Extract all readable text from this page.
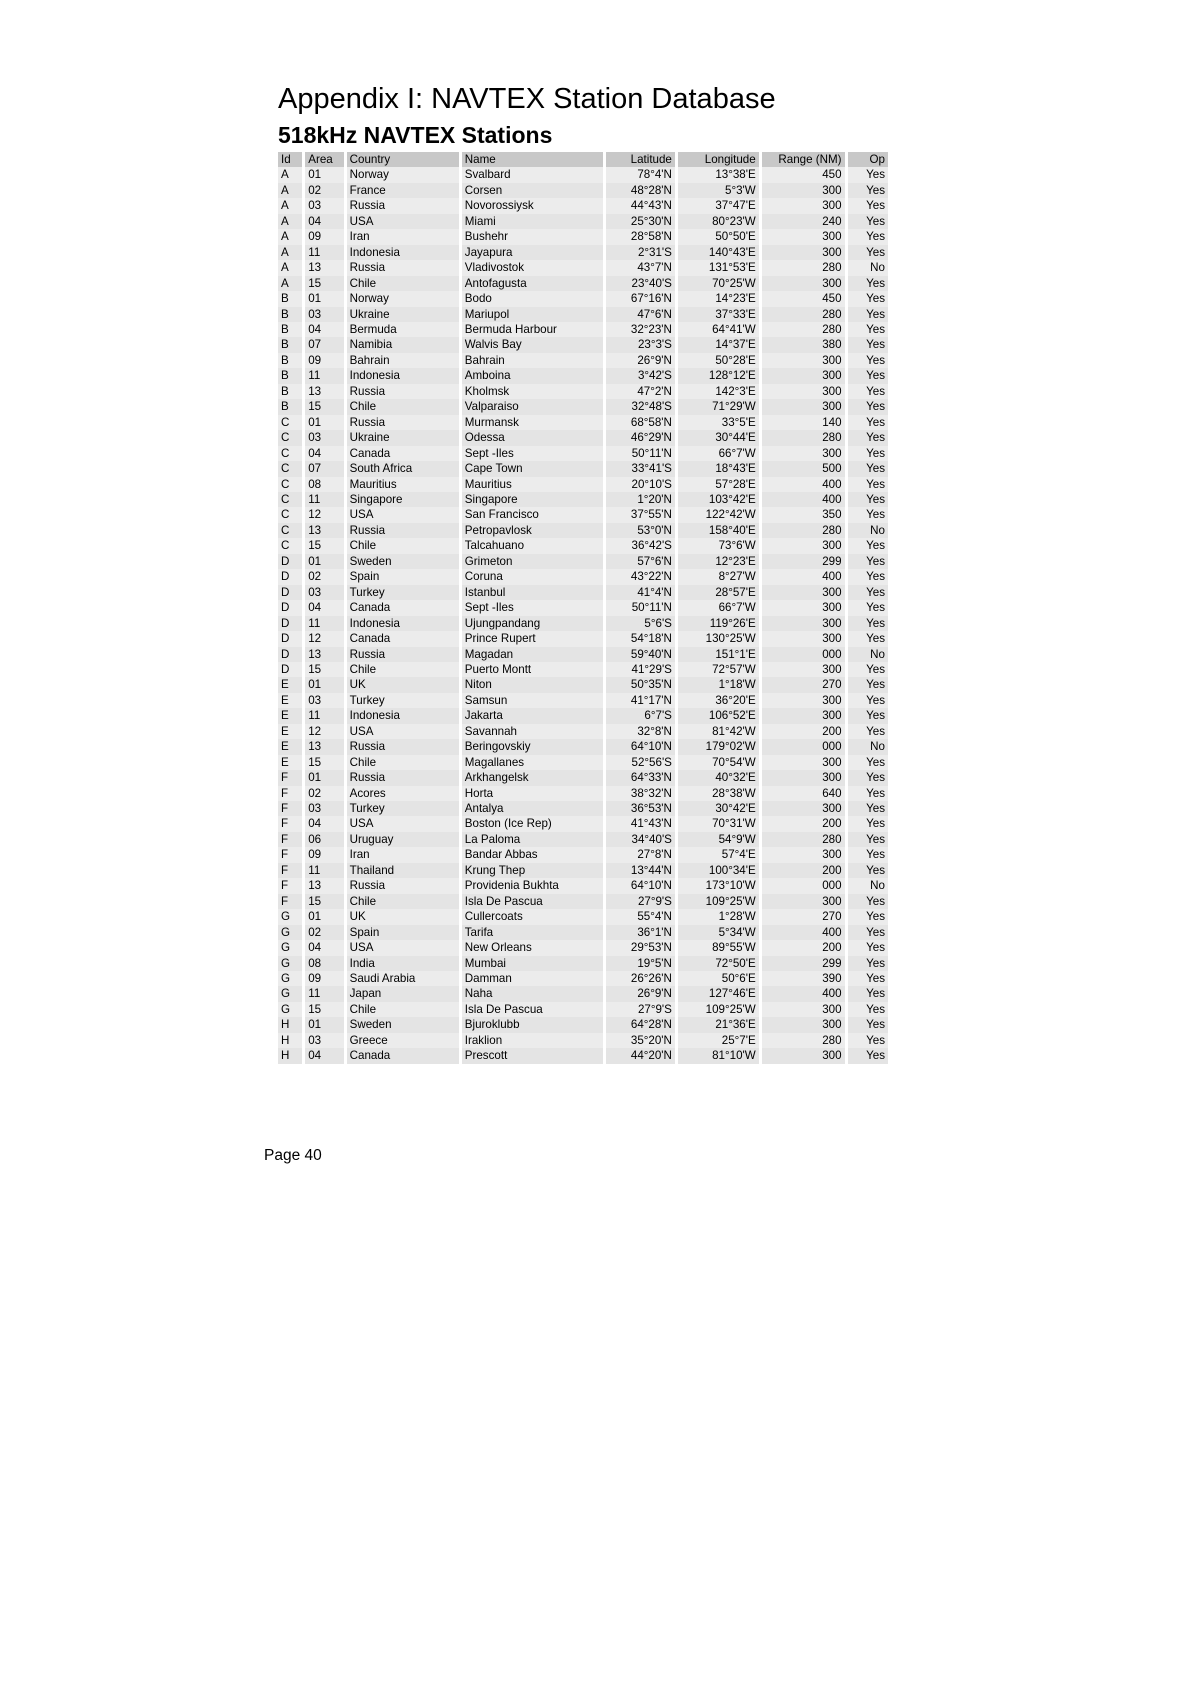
Appendix I: NAVTEX Station Database
518kHz NAVTEX Stations
Id	Area	Country	Name	Latitude	Longitude	Range (NM)	Op
A	01	Norway	Svalbard	78°4'N	13°38'E	450	Yes
A	02	France	Corsen	48°28'N	5°3'W	300	Yes
A	03	Russia	Novorossiysk	44°43'N	37°47'E	300	Yes
A	04	USA	Miami	25°30'N	80°23'W	240	Yes
A	09	Iran	Bushehr	28°58'N	50°50'E	300	Yes
A	11	Indonesia	Jayapura	2°31'S	140°43'E	300	Yes
A	13	Russia	Vladivostok	43°7'N	131°53'E	280	No
A	15	Chile	Antofagusta	23°40'S	70°25'W	300	Yes
B	01	Norway	Bodo	67°16'N	14°23'E	450	Yes
B	03	Ukraine	Mariupol	47°6'N	37°33'E	280	Yes
B	04	Bermuda	Bermuda Harbour	32°23'N	64°41'W	280	Yes
B	07	Namibia	Walvis Bay	23°3'S	14°37'E	380	Yes
B	09	Bahrain	Bahrain	26°9'N	50°28'E	300	Yes
B	11	Indonesia	Amboina	3°42'S	128°12'E	300	Yes
B	13	Russia	Kholmsk	47°2'N	142°3'E	300	Yes
B	15	Chile	Valparaiso	32°48'S	71°29'W	300	Yes
C	01	Russia	Murmansk	68°58'N	33°5'E	140	Yes
C	03	Ukraine	Odessa	46°29'N	30°44'E	280	Yes
C	04	Canada	Sept -Iles	50°11'N	66°7'W	300	Yes
C	07	South Africa	Cape Town	33°41'S	18°43'E	500	Yes
C	08	Mauritius	Mauritius	20°10'S	57°28'E	400	Yes
C	11	Singapore	Singapore	1°20'N	103°42'E	400	Yes
C	12	USA	San Francisco	37°55'N	122°42'W	350	Yes
C	13	Russia	Petropavlosk	53°0'N	158°40'E	280	No
C	15	Chile	Talcahuano	36°42'S	73°6'W	300	Yes
D	01	Sweden	Grimeton	57°6'N	12°23'E	299	Yes
D	02	Spain	Coruna	43°22'N	8°27'W	400	Yes
D	03	Turkey	Istanbul	41°4'N	28°57'E	300	Yes
D	04	Canada	Sept -Iles	50°11'N	66°7'W	300	Yes
D	11	Indonesia	Ujungpandang	5°6'S	119°26'E	300	Yes
D	12	Canada	Prince Rupert	54°18'N	130°25'W	300	Yes
D	13	Russia	Magadan	59°40'N	151°1'E	000	No
D	15	Chile	Puerto Montt	41°29'S	72°57'W	300	Yes
E	01	UK	Niton	50°35'N	1°18'W	270	Yes
E	03	Turkey	Samsun	41°17'N	36°20'E	300	Yes
E	11	Indonesia	Jakarta	6°7'S	106°52'E	300	Yes
E	12	USA	Savannah	32°8'N	81°42'W	200	Yes
E	13	Russia	Beringovskiy	64°10'N	179°02'W	000	No
E	15	Chile	Magallanes	52°56'S	70°54'W	300	Yes
F	01	Russia	Arkhangelsk	64°33'N	40°32'E	300	Yes
F	02	Acores	Horta	38°32'N	28°38'W	640	Yes
F	03	Turkey	Antalya	36°53'N	30°42'E	300	Yes
F	04	USA	Boston (Ice Rep)	41°43'N	70°31'W	200	Yes
F	06	Uruguay	La Paloma	34°40'S	54°9'W	280	Yes
F	09	Iran	Bandar Abbas	27°8'N	57°4'E	300	Yes
F	11	Thailand	Krung Thep	13°44'N	100°34'E	200	Yes
F	13	Russia	Providenia Bukhta	64°10'N	173°10'W	000	No
F	15	Chile	Isla De Pascua	27°9'S	109°25'W	300	Yes
G	01	UK	Cullercoats	55°4'N	1°28'W	270	Yes
G	02	Spain	Tarifa	36°1'N	5°34'W	400	Yes
G	04	USA	New Orleans	29°53'N	89°55'W	200	Yes
G	08	India	Mumbai	19°5'N	72°50'E	299	Yes
G	09	Saudi Arabia	Damman	26°26'N	50°6'E	390	Yes
G	11	Japan	Naha	26°9'N	127°46'E	400	Yes
G	15	Chile	Isla De Pascua	27°9'S	109°25'W	300	Yes
H	01	Sweden	Bjuroklubb	64°28'N	21°36'E	300	Yes
H	03	Greece	Iraklion	35°20'N	25°7'E	280	Yes
H	04	Canada	Prescott	44°20'N	81°10'W	300	Yes
Page 40
